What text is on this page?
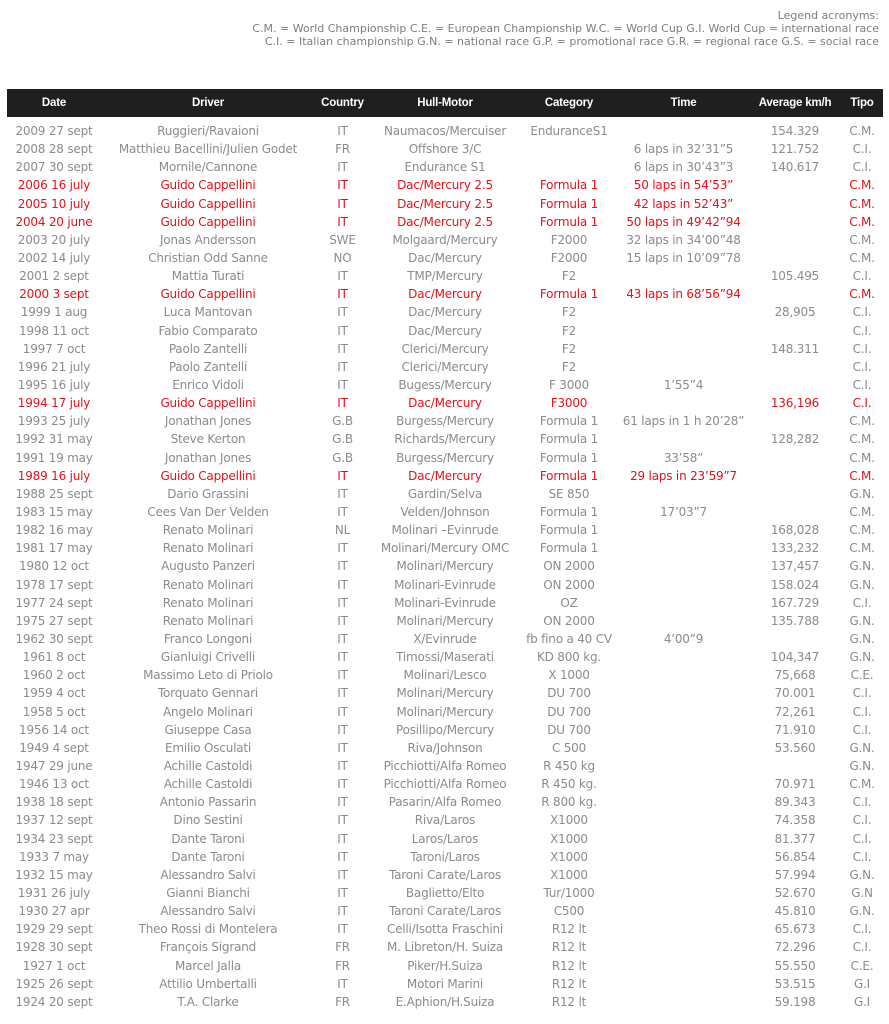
Legend acronyms:
C.M. = World Championship C.E. = European Championship W.C. = World Cup G.I. World Cup = international race
C.I. = Italian championship G.N. = national race G.P. = promotional race G.R. = regional race G.S. = social race
Date	Driver	Country	Hull-Motor	Category	Time	Average km/h	Tipo
2009 27 sept	Ruggieri/Ravaioni	IT	Naumacos/Mercuiser	EnduranceS1		154.329	C.M.
2008 28 sept	Matthieu Bacellini/Julien Godet	FR	Offshore 3/C		6 laps in 32’31”5	121.752	C.I.
2007 30 sept	Mornile/Cannone	IT	Endurance S1		6 laps in 30’43”3	140.617	C.I.
2006 16 july	Guido Cappellini	IT	Dac/Mercury 2.5	Formula 1	50 laps in 54’53”		C.M.
2005 10 july	Guido Cappellini	IT	Dac/Mercury 2.5	Formula 1	42 laps in 52’43”		C.M.
2004 20 june	Guido Cappellini	IT	Dac/Mercury 2.5	Formula 1	50 laps in 49’42”94		C.M.
2003 20 july	Jonas Andersson	SWE	Molgaard/Mercury	F2000	32 laps in 34’00”48		C.M.
2002 14 july	Christian Odd Sanne	NO	Dac/Mercury	F2000	15 laps in 10’09”78		C.M.
2001 2 sept	Mattia Turati	IT	TMP/Mercury	F2		105.495	C.I.
2000 3 sept	Guido Cappellini	IT	Dac/Mercury	Formula 1	43 laps in 68’56”94		C.M.
1999 1 aug	Luca Mantovan	IT	Dac/Mercury	F2		28,905	C.I.
1998 11 oct	Fabio Comparato	IT	Dac/Mercury	F2			C.I.
1997 7 oct	Paolo Zantelli	IT	Clerici/Mercury	F2		148.311	C.I.
1996 21 july	Paolo Zantelli	IT	Clerici/Mercury	F2			C.I.
1995 16 july	Enrico Vidoli	IT	Bugess/Mercury	F 3000	1’55”4		C.I.
1994 17 july	Guido Cappellini	IT	Dac/Mercury	F3000		136,196	C.I.
1993 25 july	Jonathan Jones	G.B	Burgess/Mercury	Formula 1	61 laps in 1 h 20’28”		C.M.
1992 31 may	Steve Kerton	G.B	Richards/Mercury	Formula 1		128,282	C.M.
1991 19 may	Jonathan Jones	G.B	Burgess/Mercury	Formula 1	33’58”		C.M.
1989 16 july	Guido Cappellini	IT	Dac/Mercury	Formula 1	29 laps in 23’59”7		C.M.
1988 25 sept	Dario Grassini	IT	Gardin/Selva	SE 850			G.N.
1983 15 may	Cees Van Der Velden	IT	Velden/Johnson	Formula 1	17’03”7		C.M.
1982 16 may	Renato Molinari	NL	Molinari –Evinrude	Formula 1		168,028	C.M.
1981 17 may	Renato Molinari	IT	Molinari/Mercury OMC	Formula 1		133,232	C.M.
1980 12 oct	Augusto Panzeri	IT	Molinari/Mercury	ON 2000		137,457	G.N.
1978 17 sept	Renato Molinari	IT	Molinari-Evinrude	ON 2000		158.024	G.N.
1977 24 sept	Renato Molinari	IT	Molinari-Evinrude	OZ		167.729	C.I.
1975 27 sept	Renato Molinari	IT	Molinari/Mercury	ON 2000		135.788	G.N.
1962 30 sept	Franco Longoni	IT	X/Evinrude	fb fino a 40 CV	4’00”9		G.N.
1961 8 oct	Gianluigi Crivelli	IT	Timossi/Maserati	KD 800 kg.		104,347	G.N.
1960 2 oct	Massimo Leto di Priolo	IT	Molinari/Lesco	X 1000		75,668	C.E.
1959 4 oct	Torquato Gennari	IT	Molinari/Mercury	DU 700		70.001	C.I.
1958 5 oct	Angelo Molinari	IT	Molinari/Mercury	DU 700		72,261	C.I.
1956 14 oct	Giuseppe Casa	IT	Posillipo/Mercury	DU 700		71.910	C.I.
1949 4 sept	Emilio Osculati	IT	Riva/Johnson	C 500		53.560	G.N.
1947 29 june	Achille Castoldi	IT	Picchiotti/Alfa Romeo	R 450 kg			G.N.
1946 13 oct	Achille Castoldi	IT	Picchiotti/Alfa Romeo	R 450 kg.		70.971	C.M.
1938 18 sept	Antonio Passarin	IT	Pasarin/Alfa Romeo	R 800 kg.		89.343	C.I.
1937 12 sept	Dino Sestini	IT	Riva/Laros	X1000		74.358	C.I.
1934 23 sept	Dante Taroni	IT	Laros/Laros	X1000		81.377	C.I.
1933 7 may	Dante Taroni	IT	Taroni/Laros	X1000		56.854	C.I.
1932 15 may	Alessandro Salvi	IT	Taroni Carate/Laros	X1000		57.994	G.N.
1931 26 july	Gianni Bianchi	IT	Baglietto/Elto	Tur/1000		52.670	G.N
1930 27 apr	Alessandro Salvi	IT	Taroni Carate/Laros	C500		45.810	G.N.
1929 29 sept	Theo Rossi di Montelera	IT	Celli/Isotta Fraschini	R12 lt		65.673	C.I.
1928 30 sept	François Sigrand	FR	M. Libreton/H. Suiza	R12 lt		72.296	C.I.
1927 1 oct	Marcel Jalla	FR	Piker/H.Suiza	R12 lt		55.550	C.E.
1925 26 sept	Attilio Umbertalli	IT	Motori Marini	R12 lt		53.515	G.I
1924 20 sept	T.A. Clarke	FR	E.Aphion/H.Suiza	R12 lt		59.198	G.I
